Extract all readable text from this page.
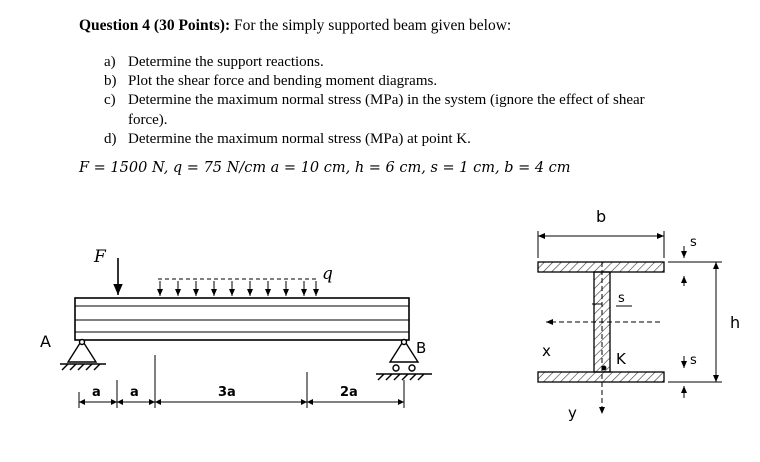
Question 4 (30 Points): For the simply supported beam given below:
a) Determine the support reactions.
b) Plot the shear force and bending moment diagrams.
c) Determine the maximum normal stress (MPa) in the system (ignore the effect of shear
force).
d) Determine the maximum normal stress (MPa) at point K.
F = 1500 N, q = 75 N/cm a = 10 cm, h = 6 cm, s = 1 cm, b = 4 cm
F
q
A	B
a a	3a	2a
b
h
s
s
s
x
y
K
